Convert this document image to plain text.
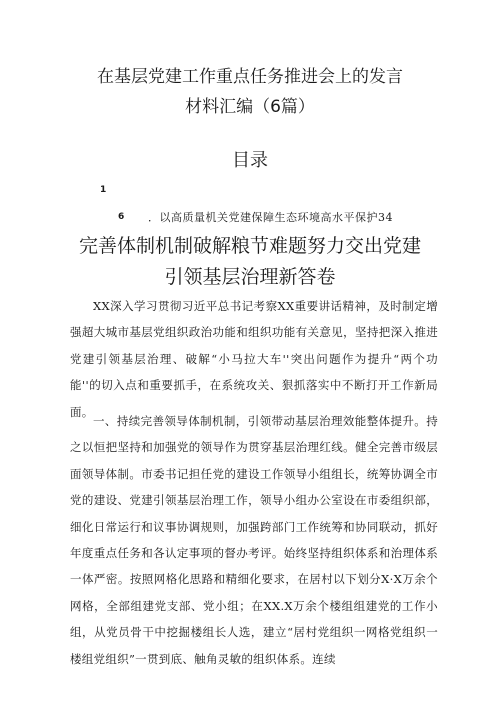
在基层党建工作重点任务推进会上的发言
材料汇编（6篇）
目录
1
6 ．以高质量机关党建保障生态环境高水平保护34
完善体制机制破解粮节难题努力交出党建
引领基层治理新答卷

XX深入学习贯彻习近平总书记考察XX重要讲话精神，及时制定增强超大城市基层党组织政治功能和组织功能有关意见，坚持把深入推进党建引领基层治理、破解“小马拉大车''突出问题作为提升“两个功能''的切入点和重要抓手，在系统攻关、狠抓落实中不断打开工作新局面。

一、持续完善领导体制机制，引领带动基层治理效能整体提升。持之以恒把坚持和加强党的领导作为贯穿基层治理红线。健全完善市级层面领导体制。市委书记担任党的建设工作领导小组组长，统筹协调全市党的建设、党建引领基层治理工作，领导小组办公室设在市委组织部，细化日常运行和议事协调规则，加强跨部门工作统筹和协同联动，抓好年度重点任务和各认定事项的督办考评。始终坚持组织体系和治理体系一体严密。按照网格化思路和精细化要求，在居村以下划分X·X万余个网格，全部组建党支部、党小组；在XX.X万余个楼组组建党的工作小组，从党员骨干中挖掘楼组长人选，建立“居村党组织一网格党组织一楼组党组织”一贯到底、触角灵敏的组织体系。连续
